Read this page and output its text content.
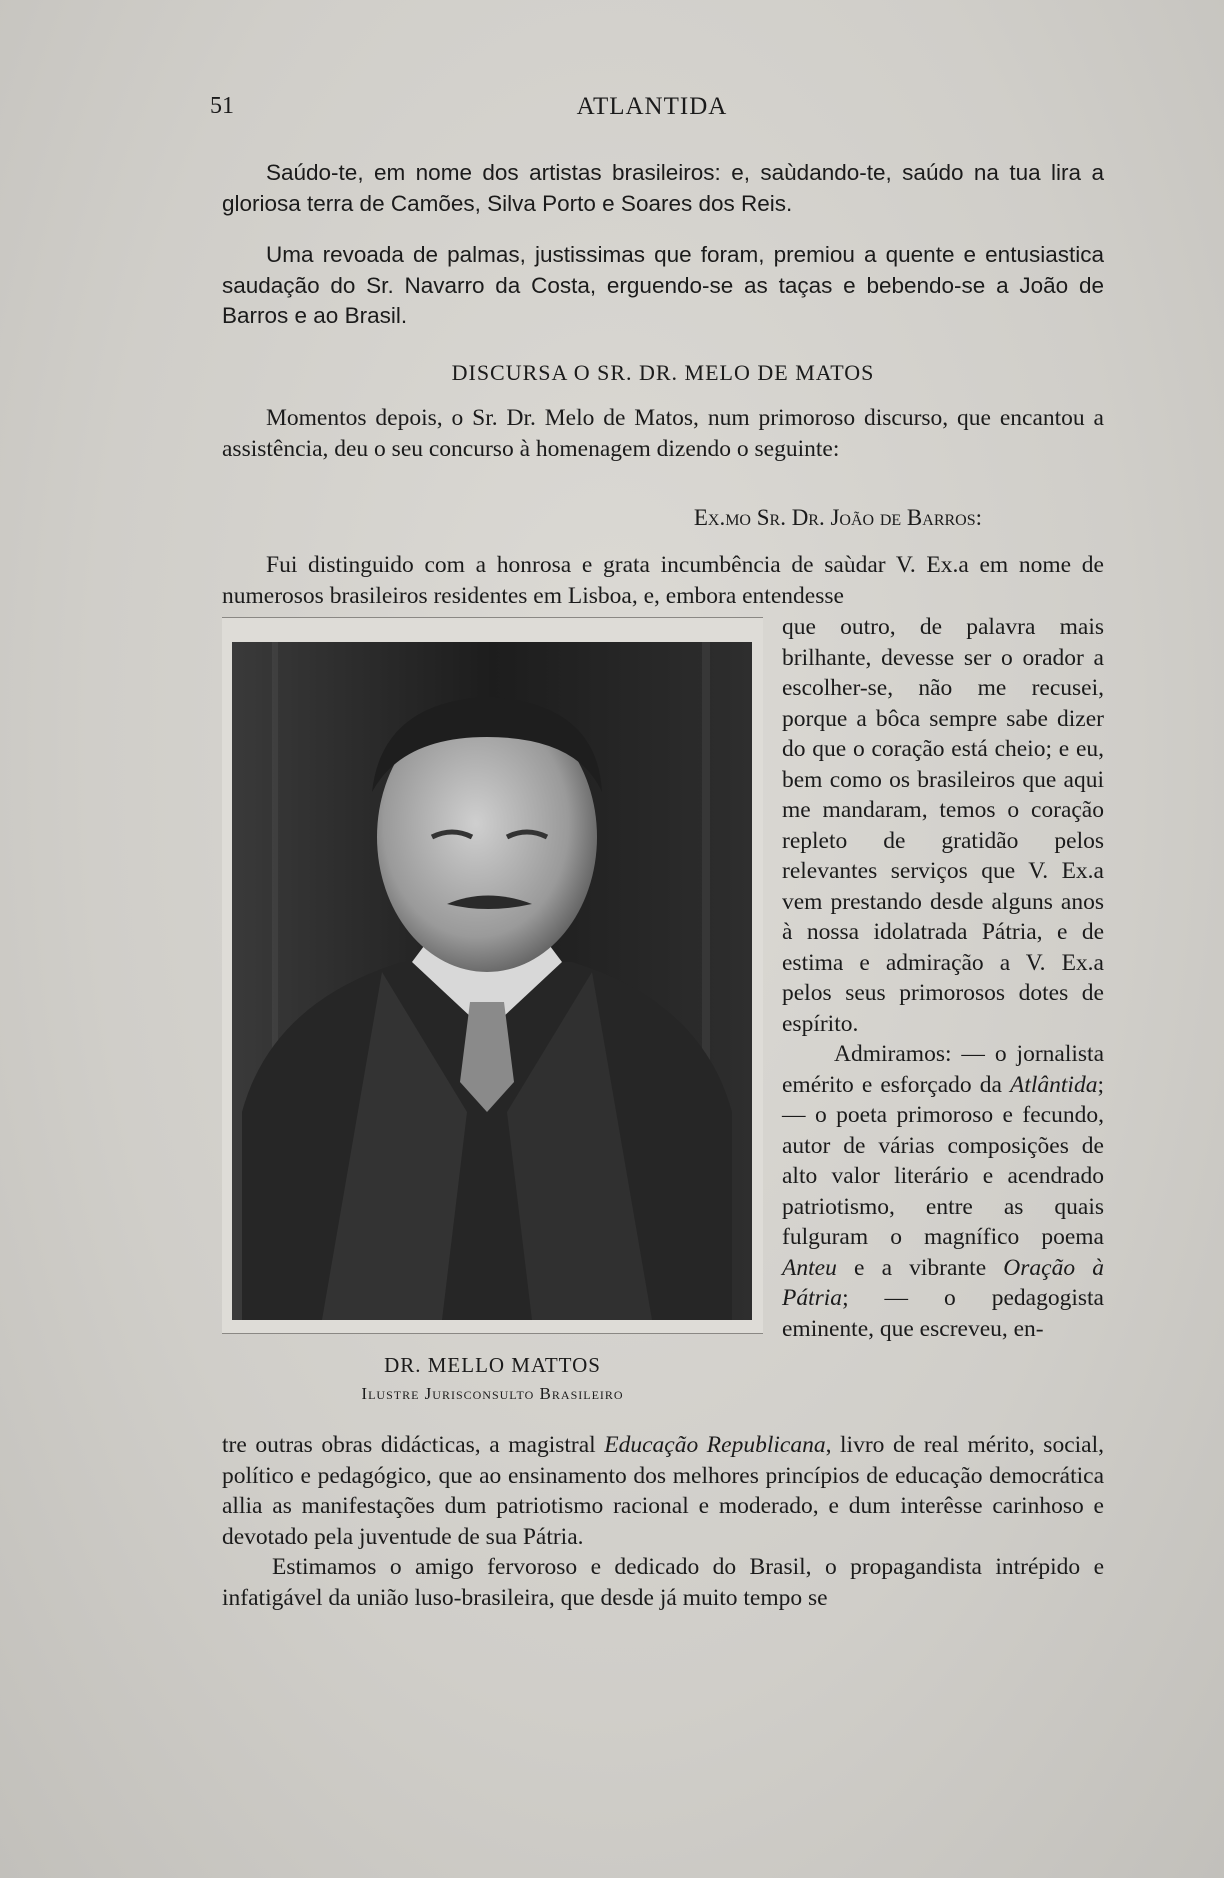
51	ATLANTIDA

Saúdo-te, em nome dos artistas brasileiros: e, saùdando-te, saúdo na tua lira a gloriosa terra de Camões, Silva Porto e Soares dos Reis.

Uma revoada de palmas, justissimas que foram, premiou a quente e entusiastica saudação do Sr. Navarro da Costa, erguendo-se as taças e bebendo-se a João de Barros e ao Brasil.

DISCURSA O SR. DR. MELO DE MATOS

Momentos depois, o Sr. Dr. Melo de Matos, num primoroso discurso, que encantou a assistência, deu o seu concurso à homenagem dizendo o seguinte:

Ex.mo Sr. Dr. João de Barros:

Fui distinguido com a honrosa e grata incumbência de saùdar V. Ex.a em nome de numerosos brasileiros residentes em Lisboa, e, embora entendesse

DR. MELLO MATTOS
Ilustre Jurisconsulto Brasileiro
que outro, de palavra mais brilhante, devesse ser o orador a escolher-se, não me recusei, porque a bôca sempre sabe dizer do que o coração está cheio; e eu, bem como os brasileiros que aqui me mandaram, temos o coração repleto de gratidão pelos relevantes serviços que V. Ex.a vem prestando desde alguns anos à nossa idolatrada Pátria, e de estima e admiração a V. Ex.a pelos seus primorosos dotes de espírito.
Admiramos: — o jornalista emérito e esforçado da Atlântida; — o poeta primoroso e fecundo, autor de várias composições de alto valor literário e acendrado patriotismo, entre as quais fulguram o magnífico poema Anteu e a vibrante Oração à Pátria; — o pedagogista eminente, que escreveu, en-

tre outras obras didácticas, a magistral Educação Republicana, livro de real mérito, social, político e pedagógico, que ao ensinamento dos melhores princípios de educação democrática allia as manifestações dum patriotismo racional e moderado, e dum interêsse carinhoso e devotado pela juventude de sua Pátria.

Estimamos o amigo fervoroso e dedicado do Brasil, o propagandista intrépido e infatigável da união luso-brasileira, que desde já muito tempo se
